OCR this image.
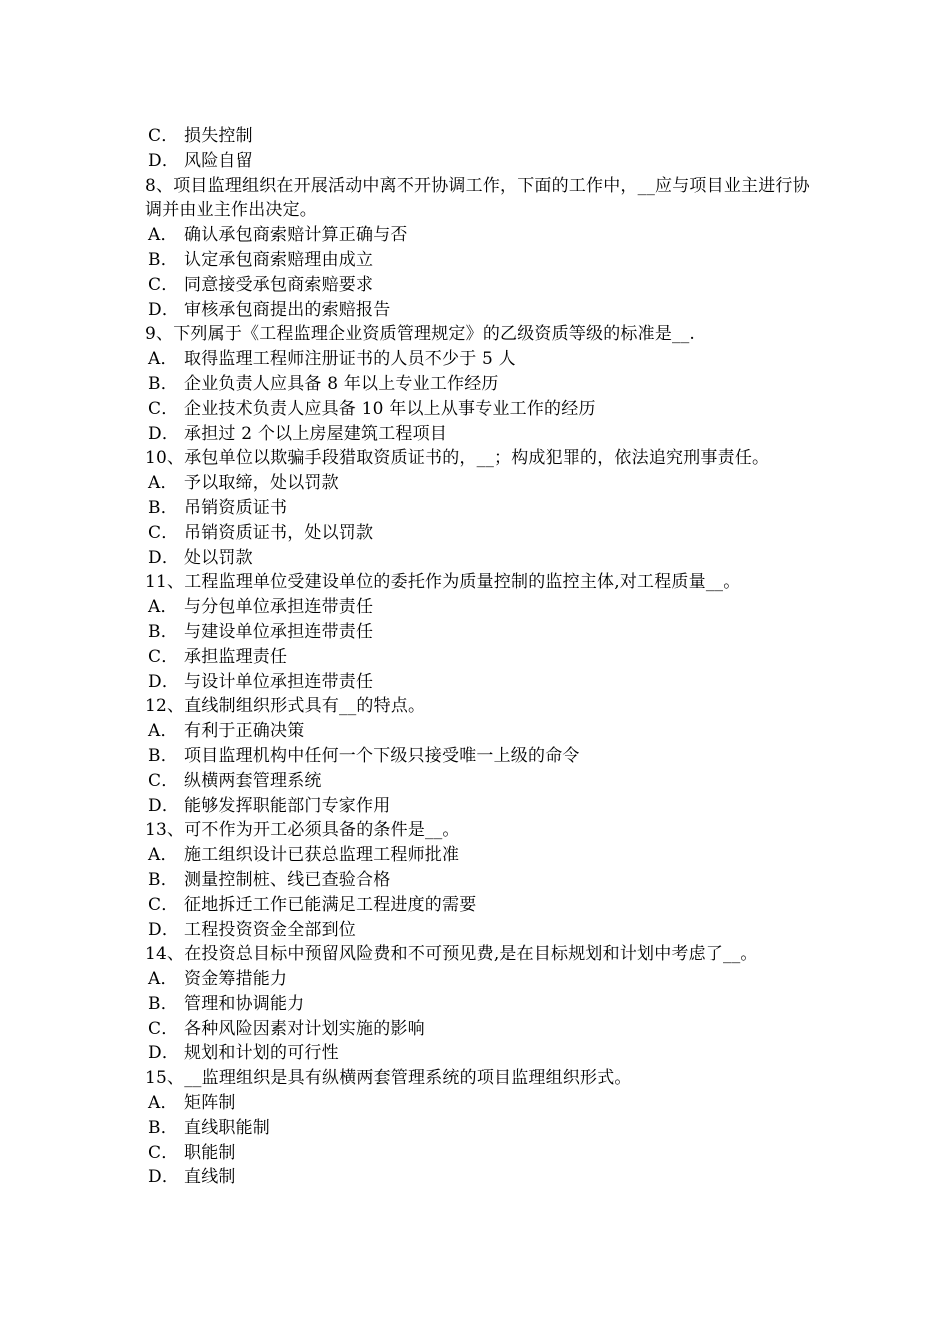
C． 损失控制
D． 风险自留
8、项目监理组织在开展活动中离不开协调工作，下面的工作中，__应与项目业主进行协调并由业主作出决定。
A． 确认承包商索赔计算正确与否
B． 认定承包商索赔理由成立
C． 同意接受承包商索赔要求
D． 审核承包商提出的索赔报告
9、下列属于《工程监理企业资质管理规定》的乙级资质等级的标准是__.
A． 取得监理工程师注册证书的人员不少于 5 人
B． 企业负责人应具备 8 年以上专业工作经历
C． 企业技术负责人应具备 10 年以上从事专业工作的经历
D． 承担过 2 个以上房屋建筑工程项目
10、承包单位以欺骗手段猎取资质证书的，__；构成犯罪的，依法追究刑事责任。
A． 予以取缔，处以罚款
B． 吊销资质证书
C． 吊销资质证书，处以罚款
D． 处以罚款
11、工程监理单位受建设单位的委托作为质量控制的监控主体,对工程质量__。
A． 与分包单位承担连带责任
B． 与建设单位承担连带责任
C． 承担监理责任
D． 与设计单位承担连带责任
12、直线制组织形式具有__的特点。
A． 有利于正确决策
B． 项目监理机构中任何一个下级只接受唯一上级的命令
C． 纵横两套管理系统
D． 能够发挥职能部门专家作用
13、可不作为开工必须具备的条件是__。
A． 施工组织设计已获总监理工程师批准
B． 测量控制桩、线已查验合格
C． 征地拆迁工作已能满足工程进度的需要
D． 工程投资资金全部到位
14、在投资总目标中预留风险费和不可预见费,是在目标规划和计划中考虑了__。
A． 资金筹措能力
B． 管理和协调能力
C． 各种风险因素对计划实施的影响
D． 规划和计划的可行性
15、__监理组织是具有纵横两套管理系统的项目监理组织形式。
A． 矩阵制
B． 直线职能制
C． 职能制
D． 直线制
